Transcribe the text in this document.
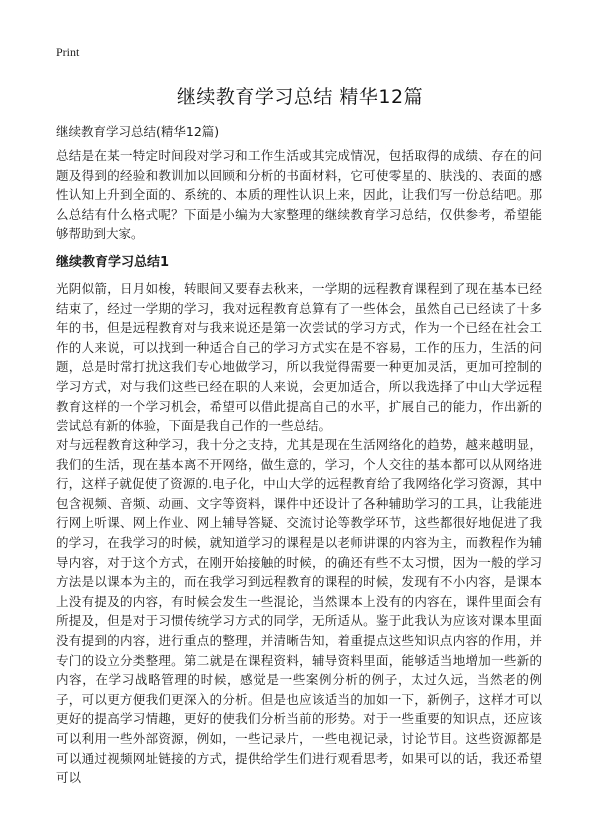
Print
继续教育学习总结 精华12篇

继续教育学习总结(精华12篇)

总结是在某一特定时间段对学习和工作生活或其完成情况，包括取得的成绩、存在的问题及得到的经验和教训加以回顾和分析的书面材料，它可使零星的、肤浅的、表面的感性认知上升到全面的、系统的、本质的理性认识上来，因此，让我们写一份总结吧。那么总结有什么格式呢？下面是小编为大家整理的继续教育学习总结，仅供参考，希望能够帮助到大家。

继续教育学习总结1

光阴似箭，日月如梭，转眼间又要春去秋来，一学期的远程教育课程到了现在基本已经结束了，经过一学期的学习，我对远程教育总算有了一些体会，虽然自己已经读了十多年的书，但是远程教育对与我来说还是第一次尝试的学习方式，作为一个已经在社会工作的人来说，可以找到一种适合自己的学习方式实在是不容易，工作的压力，生活的问题，总是时常打扰这我们专心地做学习，所以我觉得需要一种更加灵活，更加可控制的学习方式，对与我们这些已经在职的人来说，会更加适合，所以我选择了中山大学远程教育这样的一个学习机会，希望可以借此提高自己的水平，扩展自己的能力，作出新的尝试总有新的体验，下面是我自己作的一些总结。

对与远程教育这种学习，我十分之支持，尤其是现在生活网络化的趋势，越来越明显，我们的生活，现在基本离不开网络，做生意的，学习，个人交往的基本都可以从网络进行，这样子就促使了资源的.电子化，中山大学的远程教育给了我网络化学习资源，其中包含视频、音频、动画、文字等资料，课件中还设计了各种辅助学习的工具，让我能进行网上听课、网上作业、网上辅导答疑、交流讨论等教学环节，这些都很好地促进了我的学习，在我学习的时候，就知道学习的课程是以老师讲课的内容为主，而教程作为辅导内容，对于这个方式，在刚开始接触的时候，的确还有些不太习惯，因为一般的学习方法是以课本为主的，而在我学习到远程教育的课程的时候，发现有不小内容，是课本上没有提及的内容，有时候会发生一些混论，当然课本上没有的内容在，课件里面会有所提及，但是对于习惯传统学习方式的同学，无所适从。鉴于此我认为应该对课本里面没有提到的内容，进行重点的整理，并清晰告知，着重提点这些知识点内容的作用，并专门的设立分类整理。第二就是在课程资料，辅导资料里面，能够适当地增加一些新的内容，在学习战略管理的时候，感觉是一些案例分析的例子，太过久远，当然老的例子，可以更方便我们更深入的分析。但是也应该适当的加如一下，新例子，这样才可以更好的提高学习情趣，更好的使我们分析当前的形势。对于一些重要的知识点，还应该可以利用一些外部资源，例如，一些记录片，一些电视记录，讨论节目。这些资源都是可以通过视频网址链接的方式，提供给学生们进行观看思考，如果可以的话，我还希望可以
